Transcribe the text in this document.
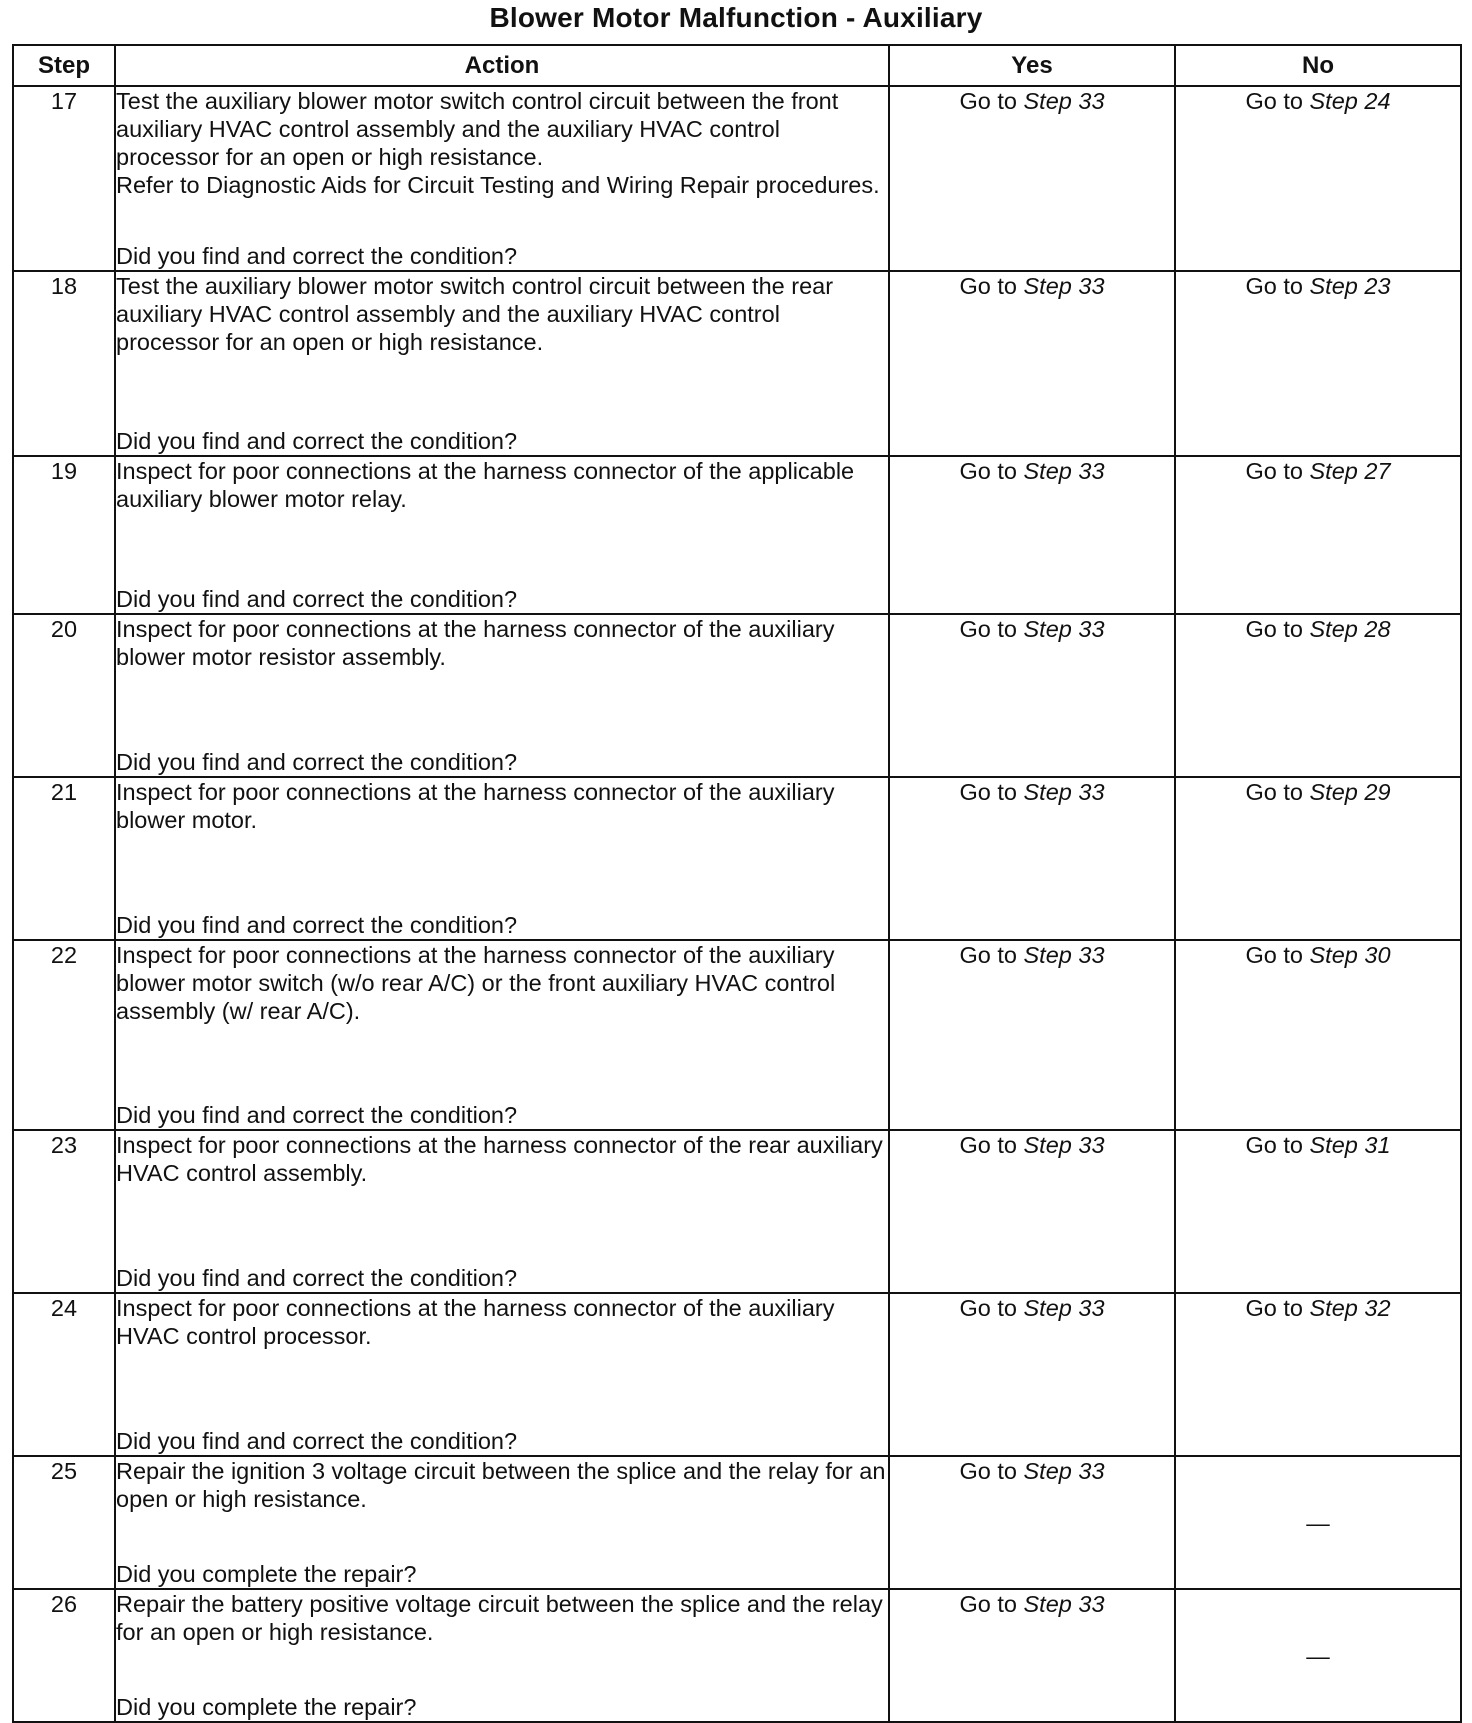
Blower Motor Malfunction - Auxiliary
Step	Action	Yes	No
17	Test the auxiliary blower motor switch control circuit between the front auxiliary HVAC control assembly and the auxiliary HVAC control processor for an open or high resistance.

Refer to Diagnostic Aids for Circuit Testing and Wiring Repair procedures.

Did you find and correct the condition?	Go to Step 33	Go to Step 24
18	Test the auxiliary blower motor switch control circuit between the rear auxiliary HVAC control assembly and the auxiliary HVAC control processor for an open or high resistance.

Did you find and correct the condition?	Go to Step 33	Go to Step 23
19	Inspect for poor connections at the harness connector of the applicable auxiliary blower motor relay.

Did you find and correct the condition?	Go to Step 33	Go to Step 27
20	Inspect for poor connections at the harness connector of the auxiliary blower motor resistor assembly.

Did you find and correct the condition?	Go to Step 33	Go to Step 28
21	Inspect for poor connections at the harness connector of the auxiliary blower motor.

Did you find and correct the condition?	Go to Step 33	Go to Step 29
22	Inspect for poor connections at the harness connector of the auxiliary blower motor switch (w/o rear A/C) or the front auxiliary HVAC control assembly (w/ rear A/C).

Did you find and correct the condition?	Go to Step 33	Go to Step 30
23	Inspect for poor connections at the harness connector of the rear auxiliary HVAC control assembly.

Did you find and correct the condition?	Go to Step 33	Go to Step 31
24	Inspect for poor connections at the harness connector of the auxiliary HVAC control processor.

Did you find and correct the condition?	Go to Step 33	Go to Step 32
25	Repair the ignition 3 voltage circuit between the splice and the relay for an open or high resistance.

Did you complete the repair?	Go to Step 33	—
26	Repair the battery positive voltage circuit between the splice and the relay for an open or high resistance.

Did you complete the repair?	Go to Step 33	—
